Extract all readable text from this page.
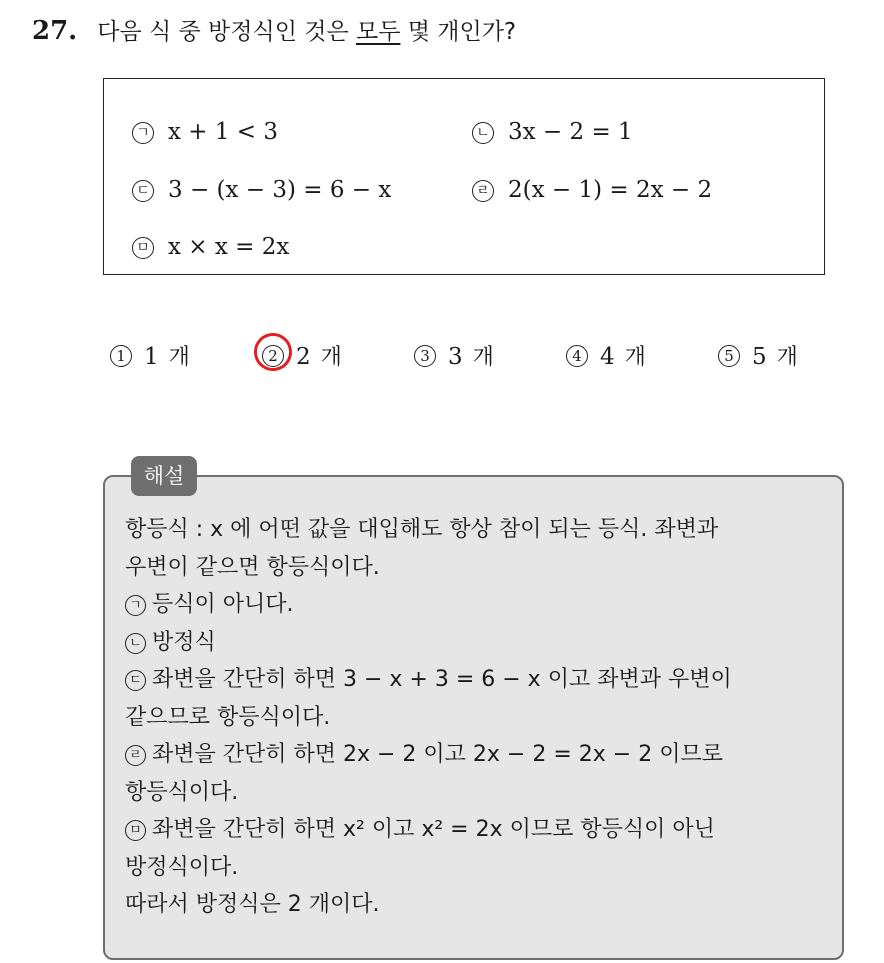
27. 다음 식 중 방정식인 것은 모두 몇 개인가?
ㄱ x + 1 < 3	ㄴ 3x − 2 = 1
ㄷ 3 − (x − 3) = 6 − x	ㄹ 2(x − 1) = 2x − 2
ㅁ x × x = 2x
1 1 개	2 2 개	3 3 개	4 4 개	5 5 개
해설
항등식 : x 에 어떤 값을 대입해도 항상 참이 되는 등식. 좌변과
우변이 같으면 항등식이다.
ㄱ 등식이 아니다.
ㄴ 방정식
ㄷ 좌변을 간단히 하면 3 − x + 3 = 6 − x 이고 좌변과 우변이
같으므로 항등식이다.
ㄹ 좌변을 간단히 하면 2x − 2 이고 2x − 2 = 2x − 2 이므로
항등식이다.
ㅁ 좌변을 간단히 하면 x² 이고 x² = 2x 이므로 항등식이 아닌
방정식이다.
따라서 방정식은 2 개이다.
